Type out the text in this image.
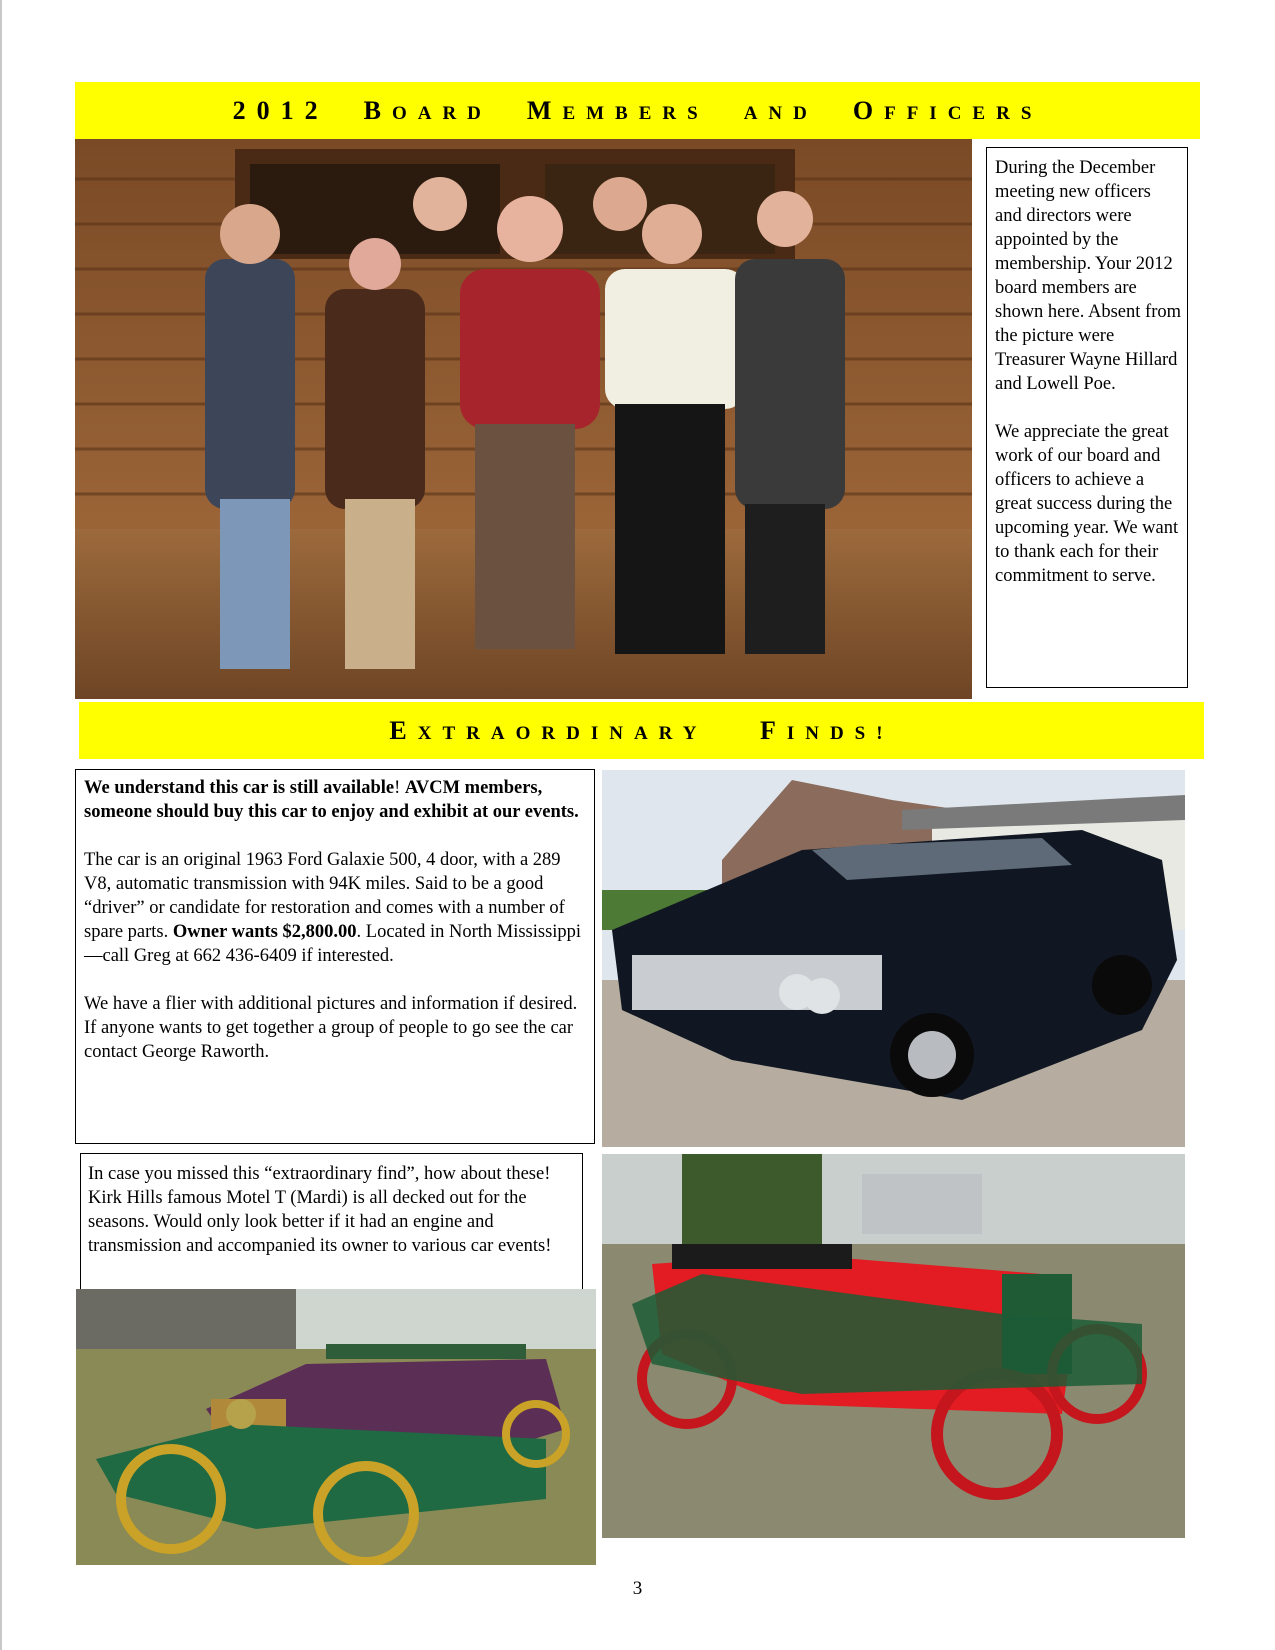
2012 BOARD MEMBERS AND OFFICERS

During the December meeting new officers and directors were appointed by the membership. Your 2012 board members are shown here. Absent from the picture were Treasurer Wayne Hillard and Lowell Poe.

We appreciate the great work of our board and officers to achieve a great success during the upcoming year. We want to thank each for their commitment to serve.

EXTRAORDINARY FINDS!

We understand this car is still available! AVCM members, someone should buy this car to enjoy and exhibit at our events.

The car is an original 1963 Ford Galaxie 500, 4 door, with a 289 V8, automatic transmission with 94K miles. Said to be a good “driver” or candidate for restoration and comes with a number of spare parts. Owner wants $2,800.00. Located in North Mississippi—call Greg at 662 436-6409 if interested.

We have a flier with additional pictures and information if desired. If anyone wants to get together a group of people to go see the car contact George Raworth.

In case you missed this “extraordinary find”, how about these! Kirk Hills famous Motel T (Mardi) is all decked out for the seasons. Would only look better if it had an engine and transmission and accompanied its owner to various car events!

3
